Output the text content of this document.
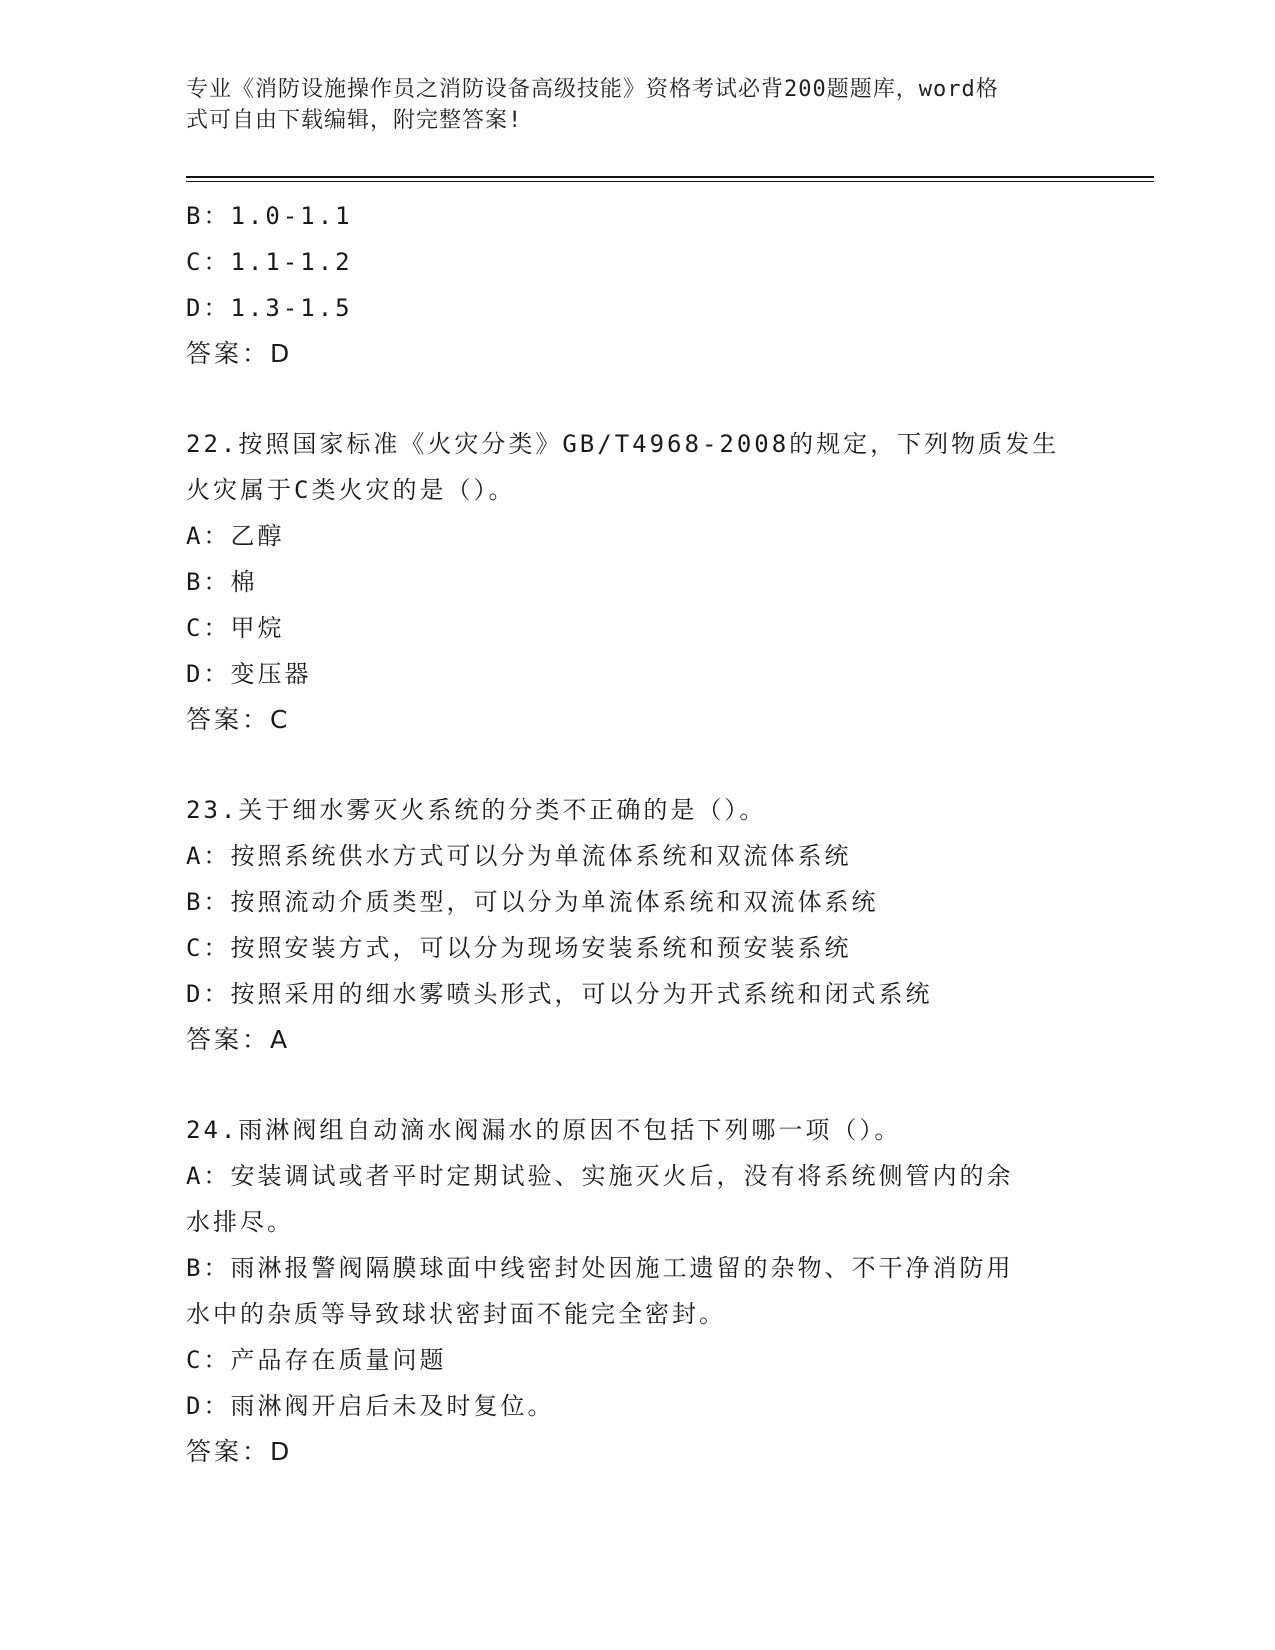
专业《消防设施操作员之消防设备高级技能》资格考试必背200题题库，word格
式可自由下载编辑，附完整答案!
B：1.0-1.1
C：1.1-1.2
D：1.3-1.5
答案：D
22.按照国家标准《火灾分类》GB/T4968-2008的规定，下列物质发生
火灾属于C类火灾的是（）。
A：乙醇
B：棉
C：甲烷
D：变压器
答案：C
23.关于细水雾灭火系统的分类不正确的是（）。
A：按照系统供水方式可以分为单流体系统和双流体系统
B：按照流动介质类型，可以分为单流体系统和双流体系统
C：按照安装方式，可以分为现场安装系统和预安装系统
D：按照采用的细水雾喷头形式，可以分为开式系统和闭式系统
答案：A
24.雨淋阀组自动滴水阀漏水的原因不包括下列哪一项（）。
A：安装调试或者平时定期试验、实施灭火后，没有将系统侧管内的余
水排尽。
B：雨淋报警阀隔膜球面中线密封处因施工遗留的杂物、不干净消防用
水中的杂质等导致球状密封面不能完全密封。
C：产品存在质量问题
D：雨淋阀开启后未及时复位。
答案：D
